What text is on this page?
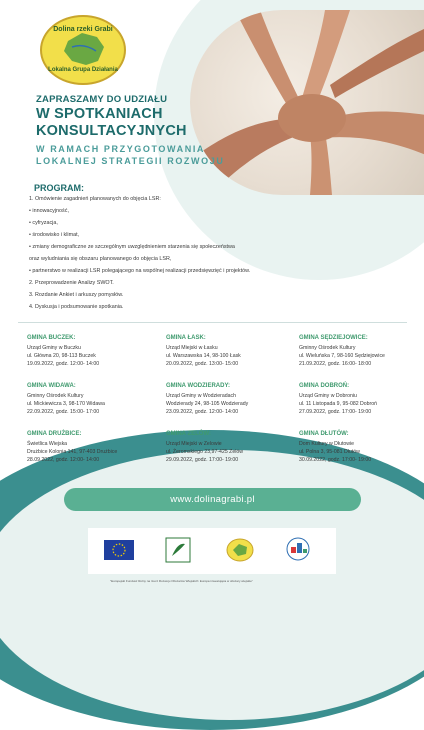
Dolina rzeki Grabi
Lokalna Grupa Działania
ZAPRASZAMY DO UDZIAŁU
W SPOTKANIACH
KONSULTACYJNYCH
W RAMACH PRZYGOTOWANIA
LOKALNEJ STRATEGII ROZWOJU
PROGRAM:
1. Omówienie zagadnień planowanych do objęcia LSR:
• innowacyjność,
• cyfryzacja,
• środowisko i klimat,
• zmiany demograficzne ze szczególnym uwzględnieniem starzenia się społeczeństwa
oraz wyludniania się obszaru planowanego do objęcia LSR,
• partnerstwo w realizacji LSR polegającego na wspólnej realizacji przedsięwzięć i projektów.
2. Przeprowadzenie Analizy SWOT.
3. Rozdanie Ankiet i arkuszy pomysłów.
4. Dyskusja i podsumowanie spotkania.
GMINA BUCZEK:
Urząd Gminy w Buczku
ul. Główna 20, 98-113 Buczek
19.09.2022, godz. 12:00- 14:00
GMINA ŁASK:
Urząd Miejski w Łasku
ul. Warszawska 14, 98-100 Łask
20.09.2022, godz. 13:00- 15:00
GMINA SĘDZIEJOWICE:
Gminny Ośrodek Kultury
ul. Wieluńska 7, 98-160 Sędziejowice
21.09.2022, godz. 16:00- 18:00
GMINA WIDAWA:
Gminny Ośrodek Kultury
ul. Mickiewicza 3, 98-170 Widawa
22.09.2022, godz. 15:00- 17:00
GMINA WODZIERADY:
Urząd Gminy w Wodzieradach
Wodzierady 24, 98-105 Wodzierady
23.09.2022, godz. 12:00- 14:00
GMINA DOBROŃ:
Urząd Gminy w Dobroniu
ul. 11 Listopada 9, 95-082 Dobroń
27.09.2022, godz. 17:00- 19:00
GMINA DRUŻBICE:
Świetlica Wiejska
Drużbice Kolonia 141, 97-403 Drużbice
28.09.2022, godz. 12:00- 14:00
GMINA ZELÓW:
Urząd Miejski w Zelowie
ul. Żeromskiego 23,97-425 Zelów
29.09.2022, godz. 17:00- 19:00
GMINA DŁUTÓW:
Dom Kultury w Dłutowie
ul. Polna 3, 95-081 Dłutów
30.09.2022, godz. 17:00- 19:00
www.dolinagrabi.pl
"Europejski Fundusz Rolny na rzecz Rozwoju Obszarów Wiejskich: Europa inwestująca w obszary wiejskie"
